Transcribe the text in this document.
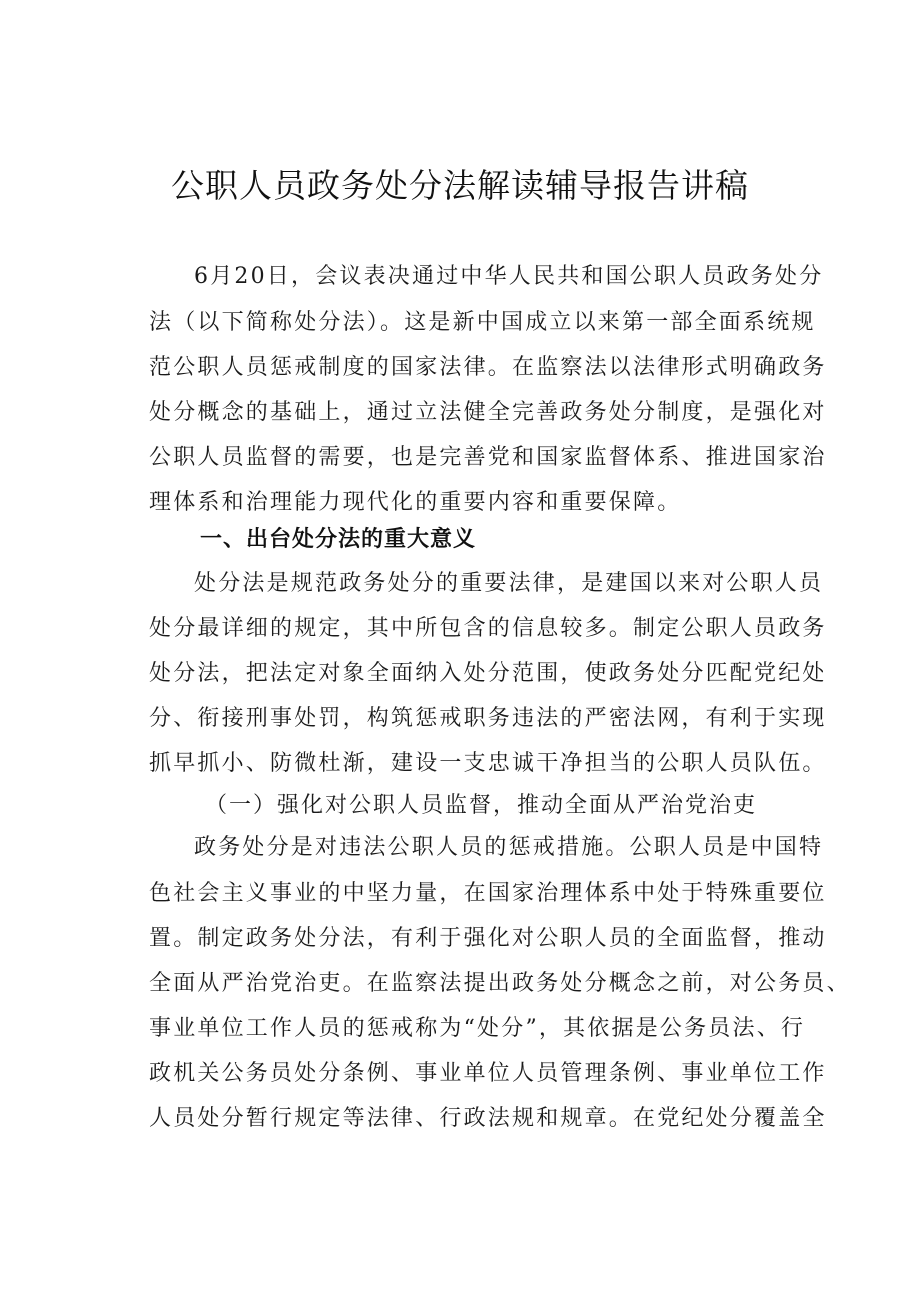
公职人员政务处分法解读辅导报告讲稿
6月20日，会议表决通过中华人民共和国公职人员政务处分
法（以下简称处分法）。这是新中国成立以来第一部全面系统规
范公职人员惩戒制度的国家法律。在监察法以法律形式明确政务
处分概念的基础上，通过立法健全完善政务处分制度，是强化对
公职人员监督的需要，也是完善党和国家监督体系、推进国家治
理体系和治理能力现代化的重要内容和重要保障。
一、出台处分法的重大意义
处分法是规范政务处分的重要法律，是建国以来对公职人员
处分最详细的规定，其中所包含的信息较多。制定公职人员政务
处分法，把法定对象全面纳入处分范围，使政务处分匹配党纪处
分、衔接刑事处罚，构筑惩戒职务违法的严密法网，有利于实现
抓早抓小、防微杜渐，建设一支忠诚干净担当的公职人员队伍。
（一）强化对公职人员监督，推动全面从严治党治吏
政务处分是对违法公职人员的惩戒措施。公职人员是中国特
色社会主义事业的中坚力量，在国家治理体系中处于特殊重要位
置。制定政务处分法，有利于强化对公职人员的全面监督，推动
全面从严治党治吏。在监察法提出政务处分概念之前，对公务员、
事业单位工作人员的惩戒称为“处分”，其依据是公务员法、行
政机关公务员处分条例、事业单位人员管理条例、事业单位工作
人员处分暂行规定等法律、行政法规和规章。在党纪处分覆盖全
